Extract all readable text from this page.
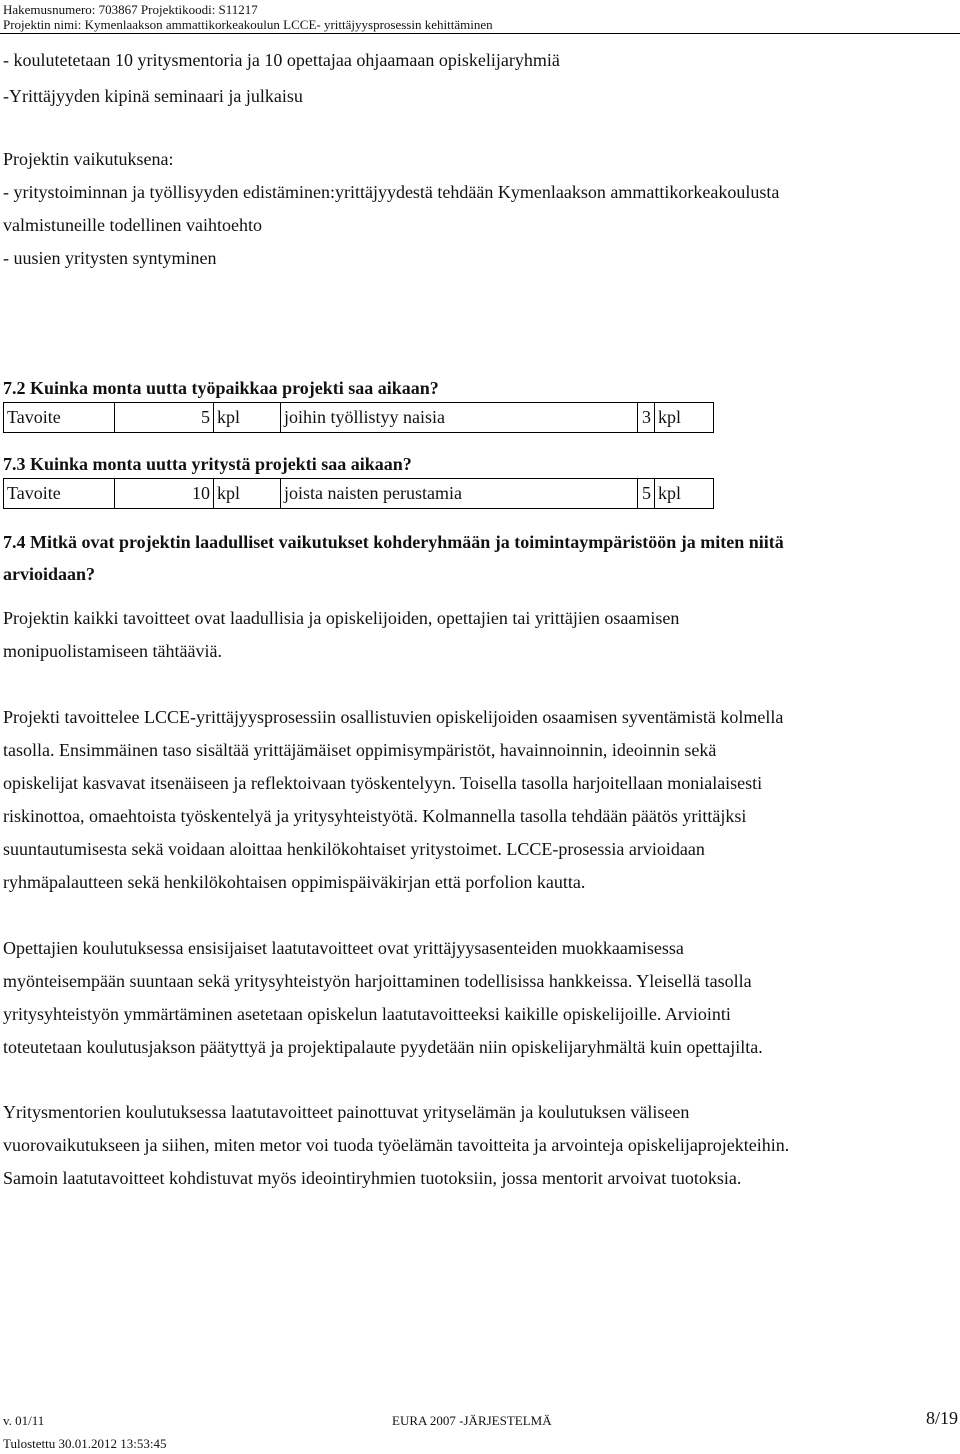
Hakemusnumero: 703867 Projektikoodi: S11217
Projektin nimi: Kymenlaakson ammattikorkeakoulun LCCE- yrittäjyysprosessin kehittäminen
- koulutetetaan 10 yritysmentoria ja 10 opettajaa ohjaamaan opiskelijaryhmiä
-Yrittäjyyden kipinä seminaari ja julkaisu
Projektin vaikutuksena:
- yritystoiminnan ja työllisyyden edistäminen:yrittäjyydestä tehdään Kymenlaakson ammattikorkeakoulusta
valmistuneille todellinen vaihtoehto
- uusien yritysten syntyminen
7.2 Kuinka monta uutta työpaikkaa projekti saa aikaan?
Tavoite	5	kpl	joihin työllistyy naisia	3	kpl
7.3 Kuinka monta uutta yritystä projekti saa aikaan?
Tavoite	10	kpl	joista naisten perustamia	5	kpl
7.4 Mitkä ovat projektin laadulliset vaikutukset kohderyhmään ja toimintaympäristöön ja miten niitä
arvioidaan?
Projektin kaikki tavoitteet ovat laadullisia ja opiskelijoiden, opettajien tai yrittäjien osaamisen
monipuolistamiseen tähtääviä.
Projekti tavoittelee LCCE-yrittäjyysprosessiin osallistuvien opiskelijoiden osaamisen syventämistä kolmella
tasolla. Ensimmäinen taso sisältää yrittäjämäiset oppimisympäristöt, havainnoinnin, ideoinnin sekä
opiskelijat kasvavat itsenäiseen ja reflektoivaan työskentelyyn. Toisella tasolla harjoitellaan monialaisesti
riskinottoa, omaehtoista työskentelyä ja yritysyhteistyötä. Kolmannella tasolla tehdään päätös yrittäjksi
suuntautumisesta sekä voidaan aloittaa henkilökohtaiset yritystoimet. LCCE-prosessia arvioidaan
ryhmäpalautteen sekä henkilökohtaisen oppimispäiväkirjan että porfolion kautta.
Opettajien koulutuksessa ensisijaiset laatutavoitteet ovat yrittäjyysasenteiden muokkaamisessa
myönteisempään suuntaan sekä yritysyhteistyön harjoittaminen todellisissa hankkeissa. Yleisellä tasolla
yritysyhteistyön ymmärtäminen asetetaan opiskelun laatutavoitteeksi kaikille opiskelijoille. Arviointi
toteutetaan koulutusjakson päätyttyä ja projektipalaute pyydetään niin opiskelijaryhmältä kuin opettajilta.
Yritysmentorien koulutuksessa laatutavoitteet painottuvat yrityselämän ja koulutuksen väliseen
vuorovaikutukseen ja siihen, miten metor voi tuoda työelämän tavoitteita ja arvointeja opiskelijaprojekteihin.
Samoin laatutavoitteet kohdistuvat myös ideointiryhmien tuotoksiin, jossa mentorit arvoivat tuotoksia.
v. 01/11	EURA 2007 -JÄRJESTELMÄ	8/19
Tulostettu 30.01.2012 13:53:45
